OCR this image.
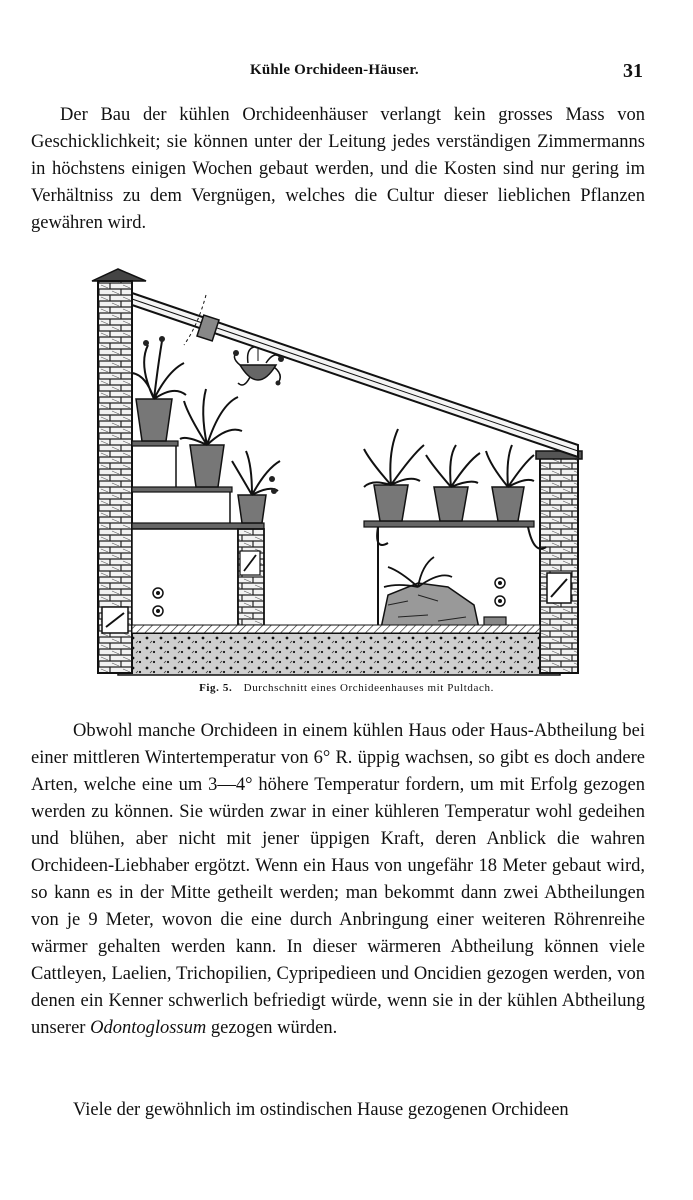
Kühle Orchideen-Häuser.	31

Der Bau der kühlen Orchideenhäuser verlangt kein grosses Mass von Geschicklichkeit; sie können unter der Leitung jedes verständigen Zimmermanns in höchstens einigen Wochen gebaut werden, und die Kosten sind nur gering im Verhältniss zu dem Vergnügen, welches die Cultur dieser lieblichen Pflanzen gewähren wird.

Fig. 5. Durchschnitt eines Orchideenhauses mit Pultdach.

Obwohl manche Orchideen in einem kühlen Haus oder Haus-Abtheilung bei einer mittleren Wintertemperatur von 6° R. üppig wachsen, so gibt es doch andere Arten, welche eine um 3—4° höhere Temperatur fordern, um mit Erfolg gezogen werden zu können. Sie würden zwar in einer kühleren Temperatur wohl gedeihen und blühen, aber nicht mit jener üppigen Kraft, deren Anblick die wahren Orchideen-Liebhaber ergötzt. Wenn ein Haus von ungefähr 18 Meter gebaut wird, so kann es in der Mitte getheilt werden; man bekommt dann zwei Abtheilungen von je 9 Meter, wovon die eine durch Anbringung einer weiteren Röhrenreihe wärmer gehalten werden kann. In dieser wärmeren Abtheilung können viele Cattleyen, Laelien, Trichopilien, Cypripedieen und Oncidien gezogen werden, von denen ein Kenner schwerlich befriedigt würde, wenn sie in der kühlen Abtheilung unserer Odontoglossum gezogen würden.

Viele der gewöhnlich im ostindischen Hause gezogenen Orchideen
